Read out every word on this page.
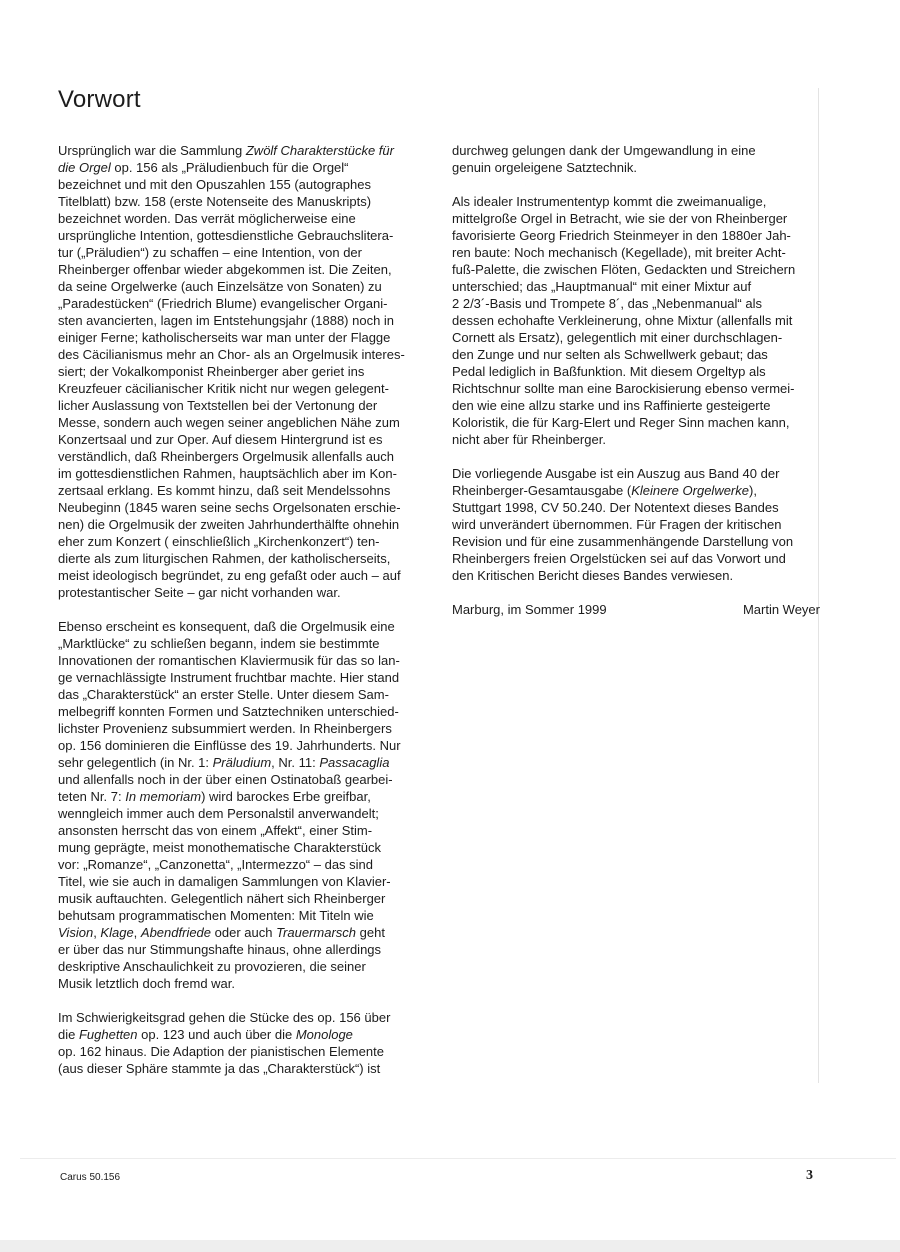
Vorwort
Ursprünglich war die Sammlung Zwölf Charakterstücke für
die Orgel op. 156 als „Präludienbuch für die Orgel“
bezeichnet und mit den Opuszahlen 155 (autographes
Titelblatt) bzw. 158 (erste Notenseite des Manuskripts)
bezeichnet worden. Das verrät möglicherweise eine
ursprüngliche Intention, gottesdienstliche Gebrauchslitera-
tur („Präludien“) zu schaffen – eine Intention, von der
Rheinberger offenbar wieder abgekommen ist. Die Zeiten,
da seine Orgelwerke (auch Einzelsätze von Sonaten) zu
„Paradestücken“ (Friedrich Blume) evangelischer Organi-
sten avancierten, lagen im Entstehungsjahr (1888) noch in
einiger Ferne; katholischerseits war man unter der Flagge
des Cäcilianismus mehr an Chor- als an Orgelmusik interes-
siert; der Vokalkomponist Rheinberger aber geriet ins
Kreuzfeuer cäcilianischer Kritik nicht nur wegen gelegent-
licher Auslassung von Textstellen bei der Vertonung der
Messe, sondern auch wegen seiner angeblichen Nähe zum
Konzertsaal und zur Oper. Auf diesem Hintergrund ist es
verständlich, daß Rheinbergers Orgelmusik allenfalls auch
im gottesdienstlichen Rahmen, hauptsächlich aber im Kon-
zertsaal erklang. Es kommt hinzu, daß seit Mendelssohns
Neubeginn (1845 waren seine sechs Orgelsonaten erschie-
nen) die Orgelmusik der zweiten Jahrhunderthälfte ohnehin
eher zum Konzert ( einschließlich „Kirchenkonzert“) ten-
dierte als zum liturgischen Rahmen, der katholischerseits,
meist ideologisch begründet, zu eng gefaßt oder auch – auf
protestantischer Seite – gar nicht vorhanden war.
Ebenso erscheint es konsequent, daß die Orgelmusik eine
„Marktlücke“ zu schließen begann, indem sie bestimmte
Innovationen der romantischen Klaviermusik für das so lan-
ge vernachlässigte Instrument fruchtbar machte. Hier stand
das „Charakterstück“ an erster Stelle. Unter diesem Sam-
melbegriff konnten Formen und Satztechniken unterschied-
lichster Provenienz subsummiert werden. In Rheinbergers
op. 156 dominieren die Einflüsse des 19. Jahrhunderts. Nur
sehr gelegentlich (in Nr. 1: Präludium, Nr. 11: Passacaglia
und allenfalls noch in der über einen Ostinatobaß gearbei-
teten Nr. 7: In memoriam) wird barockes Erbe greifbar,
wenngleich immer auch dem Personalstil anverwandelt;
ansonsten herrscht das von einem „Affekt“, einer Stim-
mung geprägte, meist monothematische Charakterstück
vor: „Romanze“, „Canzonetta“, „Intermezzo“ – das sind
Titel, wie sie auch in damaligen Sammlungen von Klavier-
musik auftauchten. Gelegentlich nähert sich Rheinberger
behutsam programmatischen Momenten: Mit Titeln wie
Vision, Klage, Abendfriede oder auch Trauermarsch geht
er über das nur Stimmungshafte hinaus, ohne allerdings
deskriptive Anschaulichkeit zu provozieren, die seiner
Musik letztlich doch fremd war.
Im Schwierigkeitsgrad gehen die Stücke des op. 156 über
die Fughetten op. 123 und auch über die Monologe
op. 162 hinaus. Die Adaption der pianistischen Elemente
(aus dieser Sphäre stammte ja das „Charakterstück“) ist
durchweg gelungen dank der Umgewandlung in eine
genuin orgeleigene Satztechnik.
Als idealer Instrumententyp kommt die zweimanualige,
mittelgroße Orgel in Betracht, wie sie der von Rheinberger
favorisierte Georg Friedrich Steinmeyer in den 1880er Jah-
ren baute: Noch mechanisch (Kegellade), mit breiter Acht-
fuß-Palette, die zwischen Flöten, Gedackten und Streichern
unterschied; das „Hauptmanual“ mit einer Mixtur auf
2 2/3´-Basis und Trompete 8´, das „Nebenmanual“ als
dessen echohafte Verkleinerung, ohne Mixtur (allenfalls mit
Cornett als Ersatz), gelegentlich mit einer durchschlagen-
den Zunge und nur selten als Schwellwerk gebaut; das
Pedal lediglich in Baßfunktion. Mit diesem Orgeltyp als
Richtschnur sollte man eine Barockisierung ebenso vermei-
den wie eine allzu starke und ins Raffinierte gesteigerte
Koloristik, die für Karg-Elert und Reger Sinn machen kann,
nicht aber für Rheinberger.
Die vorliegende Ausgabe ist ein Auszug aus Band 40 der
Rheinberger-Gesamtausgabe (Kleinere Orgelwerke),
Stuttgart 1998, CV 50.240. Der Notentext dieses Bandes
wird unverändert übernommen. Für Fragen der kritischen
Revision und für eine zusammenhängende Darstellung von
Rheinbergers freien Orgelstücken sei auf das Vorwort und
den Kritischen Bericht dieses Bandes verwiesen.
Marburg, im Sommer 1999	Martin Weyer
Carus 50.156	3
